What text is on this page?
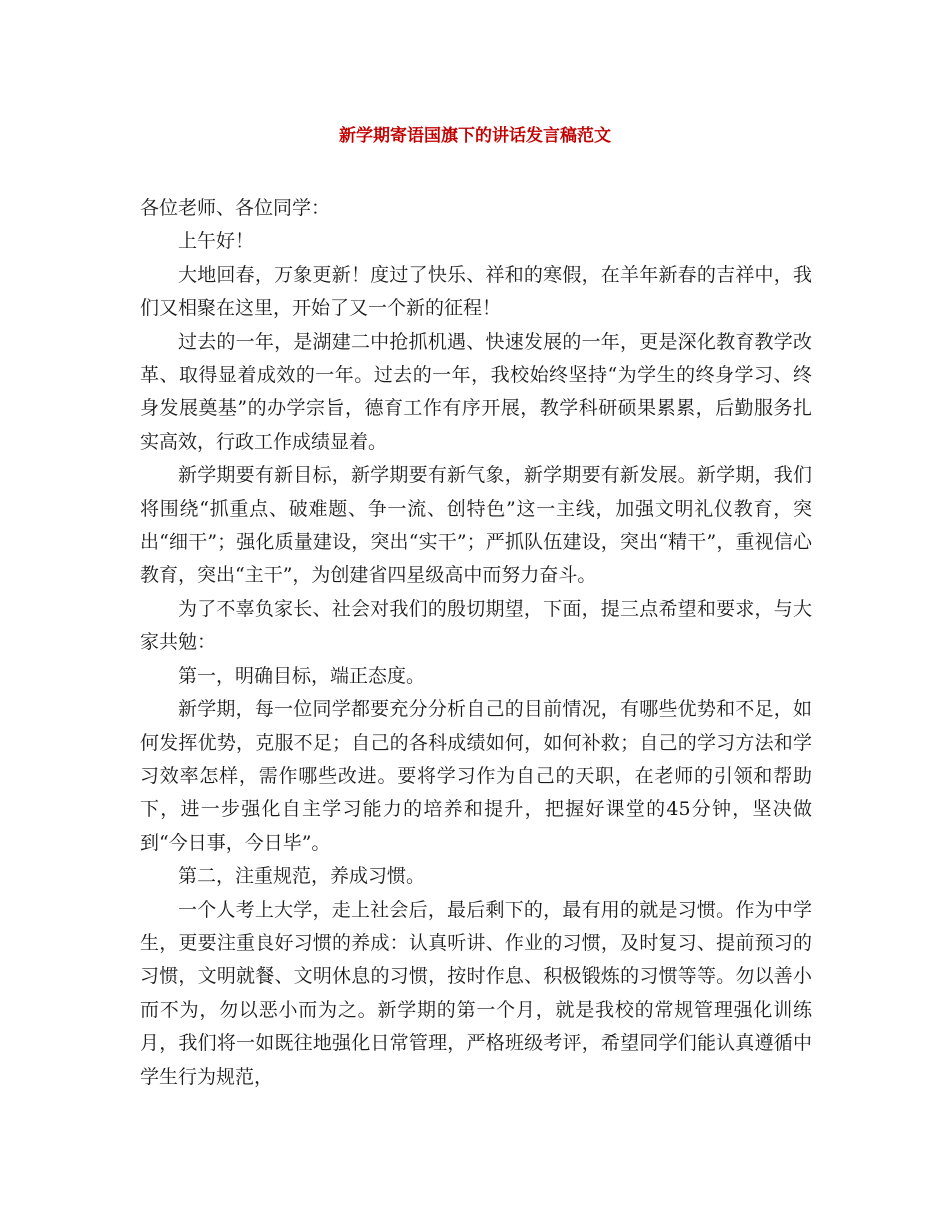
新学期寄语国旗下的讲话发言稿范文

各位老师、各位同学：

上午好！

大地回春，万象更新！度过了快乐、祥和的寒假，在羊年新春的吉祥中，我们又相聚在这里，开始了又一个新的征程！

过去的一年，是湖建二中抢抓机遇、快速发展的一年，更是深化教育教学改革、取得显着成效的一年。过去的一年，我校始终坚持“为学生的终身学习、终身发展奠基”的办学宗旨，德育工作有序开展，教学科研硕果累累，后勤服务扎实高效，行政工作成绩显着。

新学期要有新目标，新学期要有新气象，新学期要有新发展。新学期，我们将围绕“抓重点、破难题、争一流、创特色”这一主线，加强文明礼仪教育，突出“细干”；强化质量建设，突出“实干”；严抓队伍建设，突出“精干”，重视信心教育，突出“主干”，为创建省四星级高中而努力奋斗。

为了不辜负家长、社会对我们的殷切期望，下面，提三点希望和要求，与大家共勉：

第一，明确目标，端正态度。

新学期，每一位同学都要充分分析自己的目前情况，有哪些优势和不足，如何发挥优势，克服不足；自己的各科成绩如何，如何补救；自己的学习方法和学习效率怎样，需作哪些改进。要将学习作为自己的天职，在老师的引领和帮助下，进一步强化自主学习能力的培养和提升，把握好课堂的45分钟，坚决做到“今日事，今日毕”。

第二，注重规范，养成习惯。

一个人考上大学，走上社会后，最后剩下的，最有用的就是习惯。作为中学生，更要注重良好习惯的养成：认真听讲、作业的习惯，及时复习、提前预习的习惯，文明就餐、文明休息的习惯，按时作息、积极锻炼的习惯等等。勿以善小而不为，勿以恶小而为之。新学期的第一个月，就是我校的常规管理强化训练月，我们将一如既往地强化日常管理，严格班级考评，希望同学们能认真遵循中学生行为规范，
